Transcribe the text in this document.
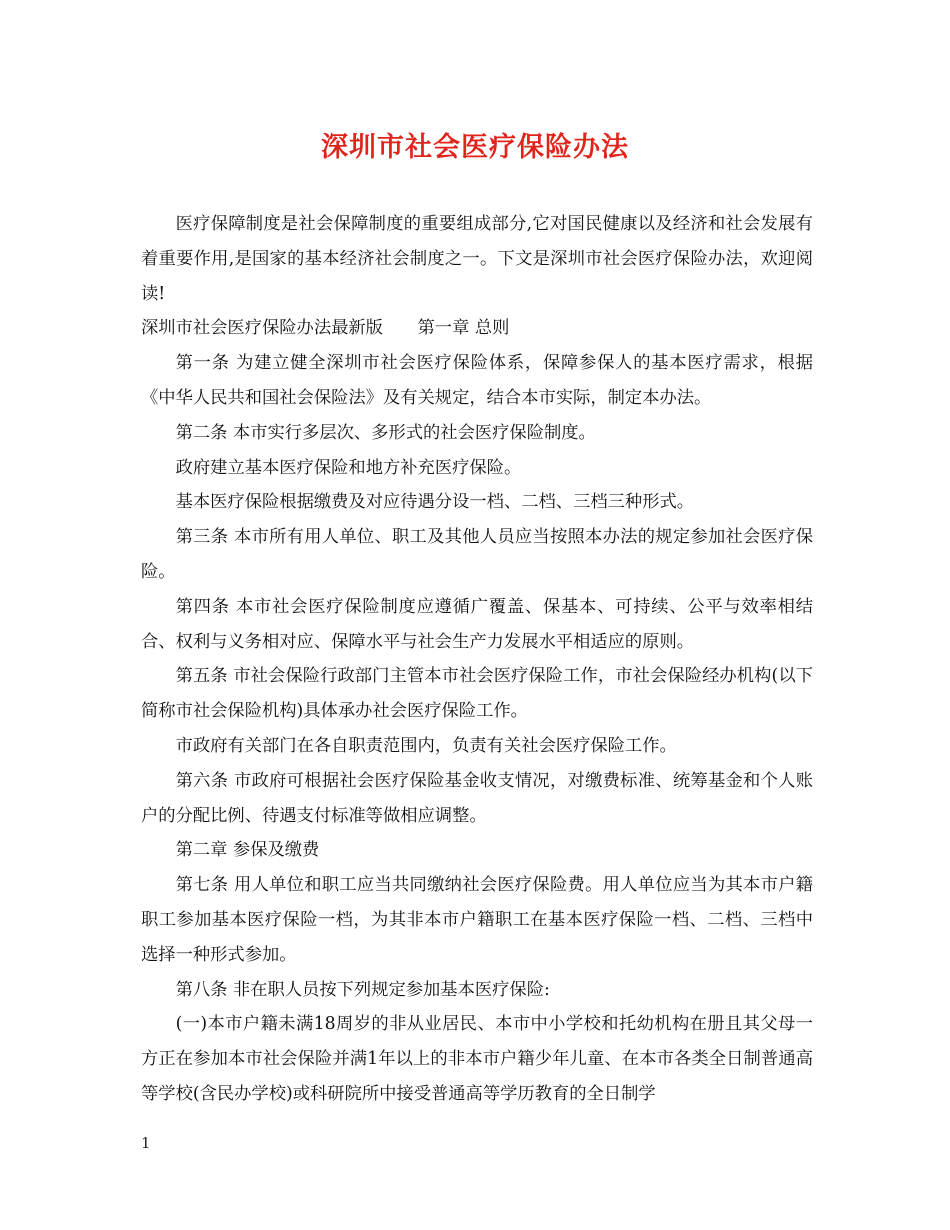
深圳市社会医疗保险办法

医疗保障制度是社会保障制度的重要组成部分,它对国民健康以及经济和社会发展有着重要作用,是国家的基本经济社会制度之一。下文是深圳市社会医疗保险办法，欢迎阅读!

深圳市社会医疗保险办法最新版　　第一章 总则

第一条 为建立健全深圳市社会医疗保险体系，保障参保人的基本医疗需求，根据《中华人民共和国社会保险法》及有关规定，结合本市实际，制定本办法。

第二条 本市实行多层次、多形式的社会医疗保险制度。

政府建立基本医疗保险和地方补充医疗保险。

基本医疗保险根据缴费及对应待遇分设一档、二档、三档三种形式。

第三条 本市所有用人单位、职工及其他人员应当按照本办法的规定参加社会医疗保险。

第四条 本市社会医疗保险制度应遵循广覆盖、保基本、可持续、公平与效率相结合、权利与义务相对应、保障水平与社会生产力发展水平相适应的原则。

第五条 市社会保险行政部门主管本市社会医疗保险工作，市社会保险经办机构(以下简称市社会保险机构)具体承办社会医疗保险工作。

市政府有关部门在各自职责范围内，负责有关社会医疗保险工作。

第六条 市政府可根据社会医疗保险基金收支情况，对缴费标准、统筹基金和个人账户的分配比例、待遇支付标准等做相应调整。

第二章 参保及缴费

第七条 用人单位和职工应当共同缴纳社会医疗保险费。用人单位应当为其本市户籍职工参加基本医疗保险一档，为其非本市户籍职工在基本医疗保险一档、二档、三档中选择一种形式参加。

第八条 非在职人员按下列规定参加基本医疗保险:

(一)本市户籍未满18周岁的非从业居民、本市中小学校和托幼机构在册且其父母一方正在参加本市社会保险并满1年以上的非本市户籍少年儿童、在本市各类全日制普通高等学校(含民办学校)或科研院所中接受普通高等学历教育的全日制学

1
